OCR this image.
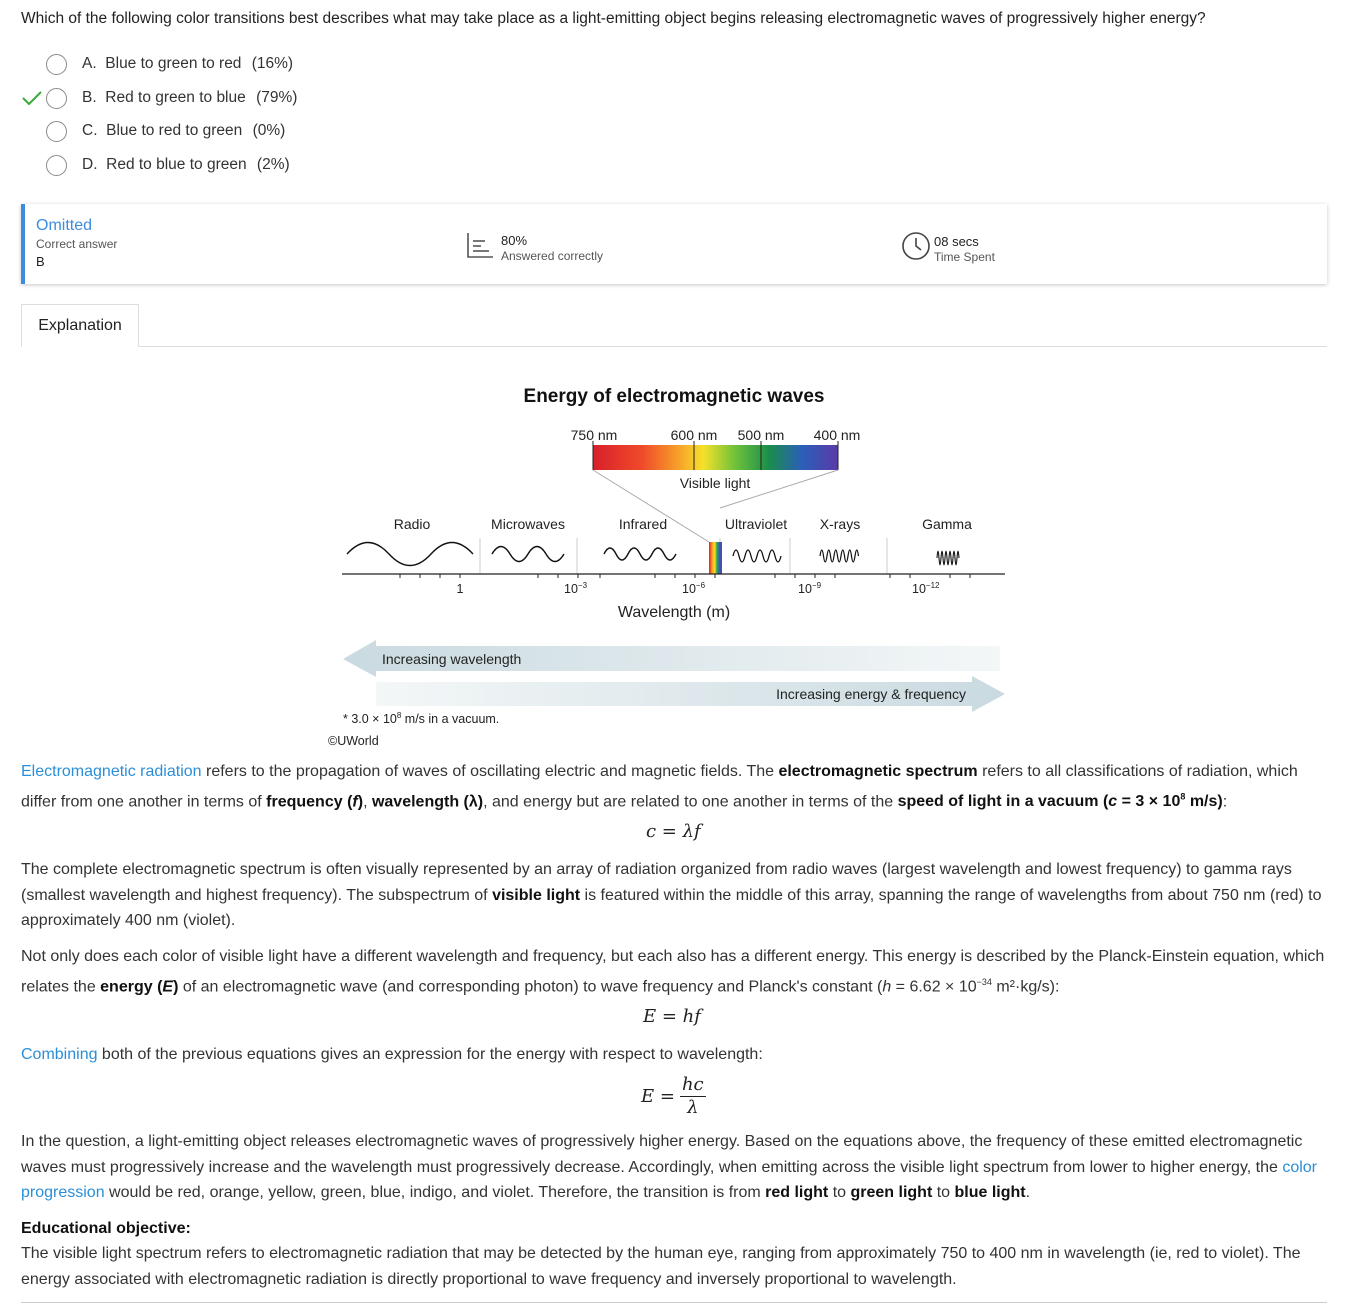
Which of the following color transitions best describes what may take place as a light-emitting object begins releasing electromagnetic waves of progressively higher energy?
A. Blue to green to red (16%)
B. Red to green to blue (79%)
C. Blue to red to green (0%)
D. Red to blue to green (2%)
Omitted
Correct answer
B
80%
Answered correctly
08 secs
Time Spent
Explanation
Energy of electromagnetic waves
750 nm	600 nm 500 nm 400 nm
Visible light
Radio	Microwaves	Infrared	Ultraviolet X-rays	Gamma
1	$10^{-3}$	$10^{-6}$	$10^{-9}$	$10^{-12}$
Wavelength (m)
Increasing wavelength
Increasing energy & frequency
* $3.0 \times 10^8$ m/s in a vacuum.
©UWorld
Electromagnetic radiation refers to the propagation of waves of oscillating electric and magnetic fields. The electromagnetic spectrum refers to all classifications of radiation, which differ from one another in terms of frequency (f), wavelength (λ), and energy but are related to one another in terms of the speed of light in a vacuum ($c = 3 \times 10^8$ m/s):
c = λf
The complete electromagnetic spectrum is often visually represented by an array of radiation organized from radio waves (largest wavelength and lowest frequency) to gamma rays (smallest wavelength and highest frequency). The subspectrum of visible light is featured within the middle of this array, spanning the range of wavelengths from about 750 nm (red) to approximately 400 nm (violet).
Not only does each color of visible light have a different wavelength and frequency, but each also has a different energy. This energy is described by the Planck-Einstein equation, which relates the energy (E) of an electromagnetic wave (and corresponding photon) to wave frequency and Planck's constant ($h = 6.62 \times 10^{-34}$ m²·kg/s):
E = hf
Combining both of the previous equations gives an expression for the energy with respect to wavelength:
$E = \frac{hc}{\lambda}$
In the question, a light-emitting object releases electromagnetic waves of progressively higher energy. Based on the equations above, the frequency of these emitted electromagnetic waves must progressively increase and the wavelength must progressively decrease. Accordingly, when emitting across the visible light spectrum from lower to higher energy, the color progression would be red, orange, yellow, green, blue, indigo, and violet. Therefore, the transition is from red light to green light to blue light.
Educational objective:
The visible light spectrum refers to electromagnetic radiation that may be detected by the human eye, ranging from approximately 750 to 400 nm in wavelength (ie, red to violet). The energy associated with electromagnetic radiation is directly proportional to wave frequency and inversely proportional to wavelength.
